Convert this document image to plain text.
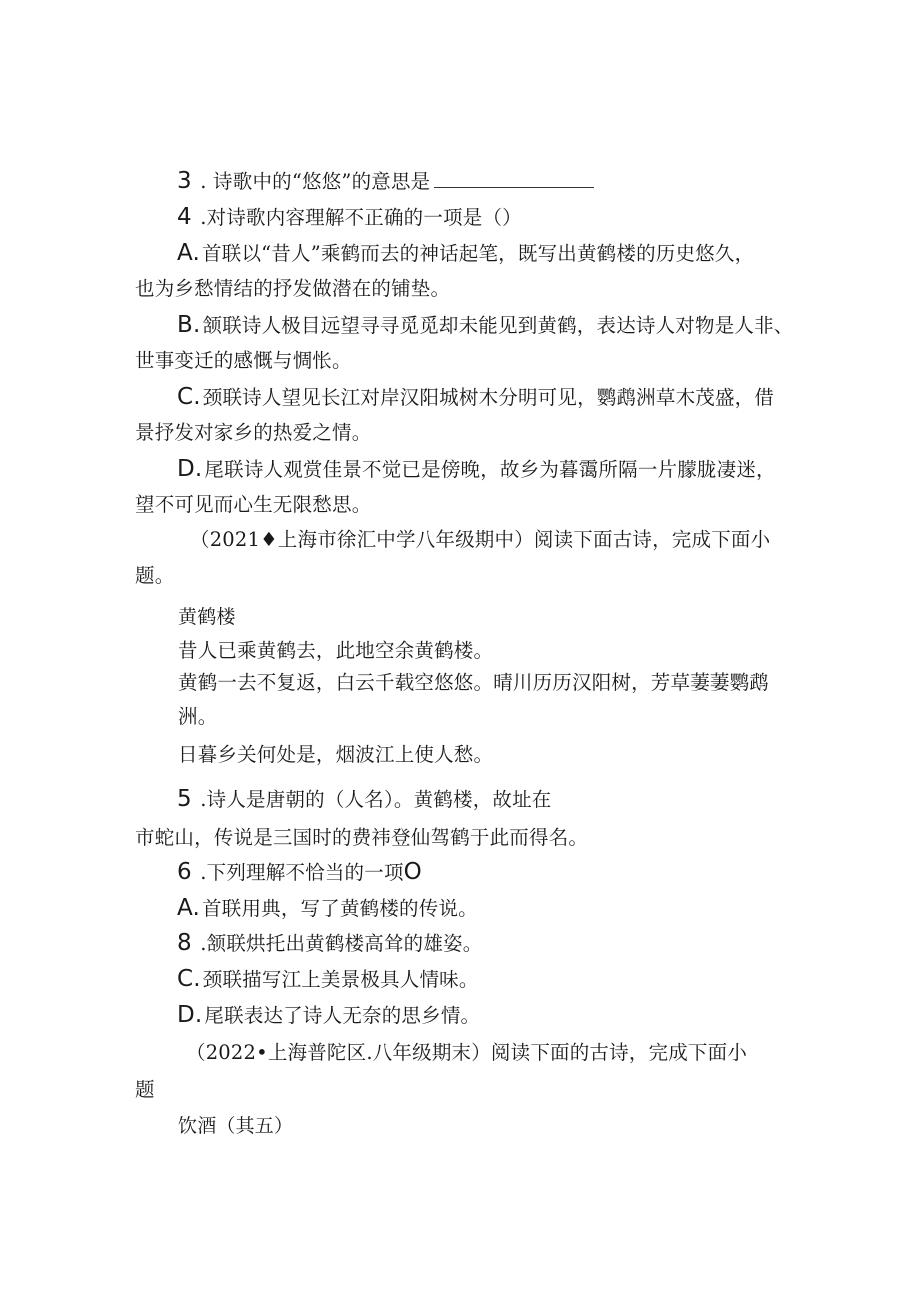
3 . 诗歌中的“悠悠”的意思是
4 .对诗歌内容理解不正确的一项是（）
A. 首联以“昔人”乘鹤而去的神话起笔，既写出黄鹤楼的历史悠久，
也为乡愁情结的抒发做潜在的铺垫。
B. 颔联诗人极目远望寻寻觅觅却未能见到黄鹤，表达诗人对物是人非、
世事变迁的感慨与惆怅。
C. 颈联诗人望见长江对岸汉阳城树木分明可见，鹦鹉洲草木茂盛，借
景抒发对家乡的热爱之情。
D. 尾联诗人观赏佳景不觉已是傍晚，故乡为暮霭所隔一片朦胧凄迷，
望不可见而心生无限愁思。
（2021♦上海市徐汇中学八年级期中）阅读下面古诗，完成下面小
题。
黄鹤楼
昔人已乘黄鹤去，此地空余黄鹤楼。
黄鹤一去不复返，白云千载空悠悠。晴川历历汉阳树，芳草萋萋鹦鹉
洲。
日暮乡关何处是，烟波江上使人愁。
5 .诗人是唐朝的（人名）。黄鹤楼，故址在
市蛇山，传说是三国时的费祎登仙驾鹤于此而得名。
6 .下列理解不恰当的一项O
A. 首联用典，写了黄鹤楼的传说。
8 .颔联烘托出黄鹤楼高耸的雄姿。
C. 颈联描写江上美景极具人情味。
D. 尾联表达了诗人无奈的思乡情。
（2022•上海普陀区.八年级期末）阅读下面的古诗，完成下面小
题
饮酒（其五）
